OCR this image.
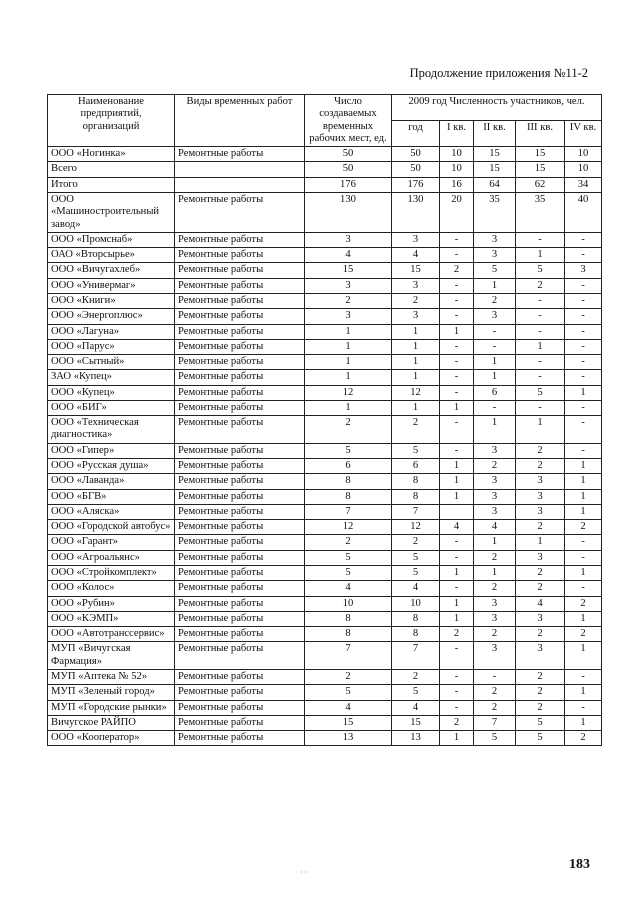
Продолжение приложения №11-2
Наименование предприятий, организаций	Виды временных работ	Число создаваемых временных рабочих мест, ед.	2009 год Численность участников, чел.				
			год	I кв.	II кв.	III кв.	IV кв.
ООО «Ногинка»	Ремонтные работы	50	50	10	15	15	10
Всего		50	50	10	15	15	10
Итого		176	176	16	64	62	34
ООО «Машиностроительный завод»	Ремонтные работы	130	130	20	35	35	40
ООО «Промснаб»	Ремонтные работы	3	3	-	3	-	-
ОАО «Вторсырье»	Ремонтные работы	4	4	-	3	1	-
ООО «Вичугахлеб»	Ремонтные работы	15	15	2	5	5	3
ООО «Универмаг»	Ремонтные работы	3	3	-	1	2	-
ООО «Книги»	Ремонтные работы	2	2	-	2	-	-
ООО «Энергоплюс»	Ремонтные работы	3	3	-	3	-	-
ООО «Лагуна»	Ремонтные работы	1	1	1	-	-	-
ООО «Парус»	Ремонтные работы	1	1	-	-	1	-
ООО «Сытный»	Ремонтные работы	1	1	-	1	-	-
ЗАО «Купец»	Ремонтные работы	1	1	-	1	-	-
ООО «Купец»	Ремонтные работы	12	12	-	6	5	1
ООО «БИГ»	Ремонтные работы	1	1	1	-	-	-
ООО «Техническая диагностика»	Ремонтные работы	2	2	-	1	1	-
ООО «Гипер»	Ремонтные работы	5	5	-	3	2	-
ООО «Русская душа»	Ремонтные работы	6	6	1	2	2	1
ООО «Лаванда»	Ремонтные работы	8	8	1	3	3	1
ООО «БГВ»	Ремонтные работы	8	8	1	3	3	1
ООО «Аляска»	Ремонтные работы	7	7		3	3	1
ООО «Городской автобус»	Ремонтные работы	12	12	4	4	2	2
ООО «Гарант»	Ремонтные работы	2	2	-	1	1	-
ООО «Агроальянс»	Ремонтные работы	5	5	-	2	3	-
ООО «Стройкомплект»	Ремонтные работы	5	5	1	1	2	1
ООО «Колос»	Ремонтные работы	4	4	-	2	2	-
ООО «Рубин»	Ремонтные работы	10	10	1	3	4	2
ООО «КЭМП»	Ремонтные работы	8	8	1	3	3	1
ООО «Автотранссервис»	Ремонтные работы	8	8	2	2	2	2
МУП «Вичугская Фармация»	Ремонтные работы	7	7	-	3	3	1
МУП «Аптека № 52»	Ремонтные работы	2	2	-	-	2	-
МУП «Зеленый город»	Ремонтные работы	5	5	-	2	2	1
МУП «Городские рынки»	Ремонтные работы	4	4	-	2	2	-
Вичугское РАЙПО	Ремонтные работы	15	15	2	7	5	1
ООО «Кооператор»	Ремонтные работы	13	13	1	5	5	2
· ·
183
